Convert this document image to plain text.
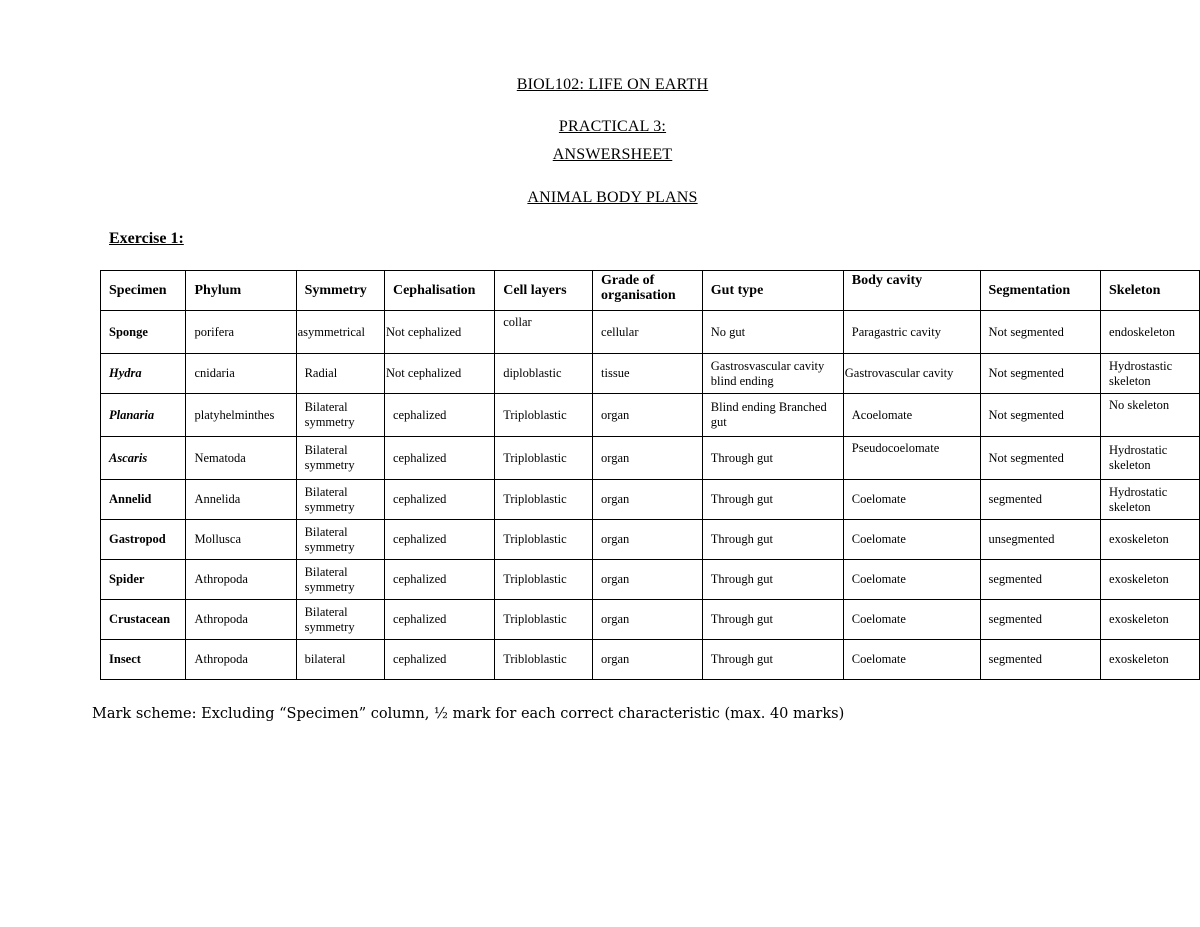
BIOL102: LIFE ON EARTH
PRACTICAL 3:
ANSWERSHEET
ANIMAL BODY PLANS
Exercise 1:
Specimen	Phylum	Symmetry	Cephalisation	Cell layers	Grade of organisation	Gut type	Body cavity	Segmentation	Skeleton
Sponge	porifera	asymmetrical	Not cephalized	collar	cellular	No gut	Paragastric cavity	Not segmented	endoskeleton
Hydra	cnidaria	Radial	Not cephalized	diploblastic	tissue	Gastrosvascular cavity blind ending	Gastrovascular cavity	Not segmented	Hydrostastic skeleton
Planaria	platyhelminthes	Bilateral symmetry	cephalized	Triploblastic	organ	Blind ending Branched gut	Acoelomate	Not segmented	No skeleton
Ascaris	Nematoda	Bilateral symmetry	cephalized	Triploblastic	organ	Through gut	Pseudocoelomate	Not segmented	Hydrostatic skeleton
Annelid	Annelida	Bilateral symmetry	cephalized	Triploblastic	organ	Through gut	Coelomate	segmented	Hydrostatic skeleton
Gastropod	Mollusca	Bilateral symmetry	cephalized	Triploblastic	organ	Through gut	Coelomate	unsegmented	exoskeleton
Spider	Athropoda	Bilateral symmetry	cephalized	Triploblastic	organ	Through gut	Coelomate	segmented	exoskeleton
Crustacean	Athropoda	Bilateral symmetry	cephalized	Triploblastic	organ	Through gut	Coelomate	segmented	exoskeleton
Insect	Athropoda	bilateral	cephalized	Tribloblastic	organ	Through gut	Coelomate	segmented	exoskeleton
Mark scheme: Excluding “Specimen” column, ½ mark for each correct characteristic (max. 40 marks)
